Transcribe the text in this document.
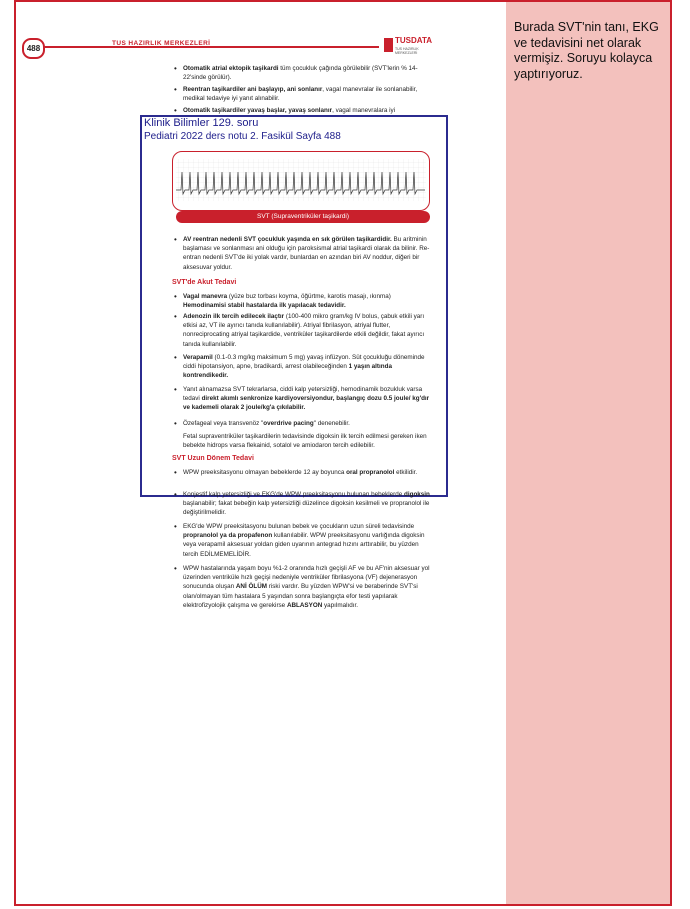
Burada SVT'nin tanı, EKG ve tedavisini net olarak vermişiz. Soruyu kolayca yaptırıyoruz.
488
TUS HAZIRLIK MERKEZLERİ	TUSDATA
TUS HAZIRLIK MERKEZLERİ
• Otomatik atrial ektopik taşikardi tüm çocukluk çağında görülebilir (SVT'lerin % 14-22'sinde görülür).
• Reentran taşikardiler ani başlayıp, ani sonlanır, vagal manevralar ile sonlanabilir, medikal tedaviye iyi yanıt alınabilir.
• Otomatik taşikardiler yavaş başlar, yavaş sonlanır, vagal manevralara iyi
Klinik Bilimler 129. soru
Pediatri 2022 ders notu 2. Fasikül Sayfa 488
SVT (Supraventriküler taşikardi)
• AV reentran nedenli SVT çocukluk yaşında en sık görülen taşikardidir. Bu aritminin başlaması ve sonlanması ani olduğu için paroksismal atrial taşikardi olarak da bilinir. Re-entran nedenli SVT'de iki yolak vardır, bunlardan en azından biri AV noddur, diğeri bir aksesuvar yoldur.
SVT'de Akut Tedavi
• Vagal manevra (yüze buz torbası koyma, öğürtme, karotis masajı, ıkınma) Hemodinamisi stabil hastalarda ilk yapılacak tedavidir.
• Adenozin ilk tercih edilecek ilaçtır (100-400 mikro gram/kg IV bolus, çabuk etkili yarı etkisi az, VT ile ayırıcı tanıda kullanılabilir). Atriyal fibrilasyon, atriyal flutter, nonreciprocating atriyal taşikardide, ventriküler taşikardilerde etkili değildir, fakat ayırıcı tanıda kullanılabilir.
• Verapamil (0.1-0.3 mg/kg maksimum 5 mg) yavaş infüzyon. Süt çocukluğu döneminde ciddi hipotansiyon, apne, bradikardi, arrest olabileceğinden 1 yaşın altında kontrendikedir.
• Yanıt alınamazsa SVT tekrarlarsa, ciddi kalp yetersizliği, hemodinamik bozukluk varsa tedavi direkt akımlı senkronize kardiyoversiyondur, başlangıç dozu 0.5 joule/ kg'dır ve kademeli olarak 2 joule/kg'a çıkılabilir.
• Özefageal veya transvenöz "overdrive pacing" denenebilir.
Fetal supraventriküler taşikardilerin tedavisinde digoksin ilk tercih edilmesi gereken iken bebekte hidrops varsa flekainid, sotalol ve amiodaron tercih edilebilir.
SVT Uzun Dönem Tedavi
• WPW preeksitasyonu olmayan bebeklerde 12 ay boyunca oral propranolol etkilidir.
• Konjestif kalp yetersizliği ve EKG'de WPW preeksitasyonu bulunan bebeklerde digoksin başlanabilir; fakat bebeğin kalp yetersizliği düzelince digoksin kesilmeli ve propranolol ile değiştirilmelidir.
• EKG'de WPW preeksitasyonu bulunan bebek ve çocukların uzun süreli tedavisinde propranolol ya da propafenon kullanılabilir. WPW preeksitasyonu varlığında digoksin veya verapamil aksesuar yoldan giden uyarının antegrad hızını arttırabilir, bu yüzden tercih EDİLMEMELİDİR.
• WPW hastalarında yaşam boyu %1-2 oranında hızlı geçişli AF ve bu AF'nin aksesuar yol üzerinden ventrikülе hızlı geçişi nedeniyle ventriküler fibrilasyona (VF) dejenerasyon sonucunda oluşan ANİ ÖLÜM riski vardır. Bu yüzden WPW'si ve beraberinde SVT'si olan/olmayan tüm hastalara 5 yaşından sonra başlangıçta efor testi yapılarak elektrofizyolojik çalışma ve gerekirse ABLASYON yapılmalıdır.
